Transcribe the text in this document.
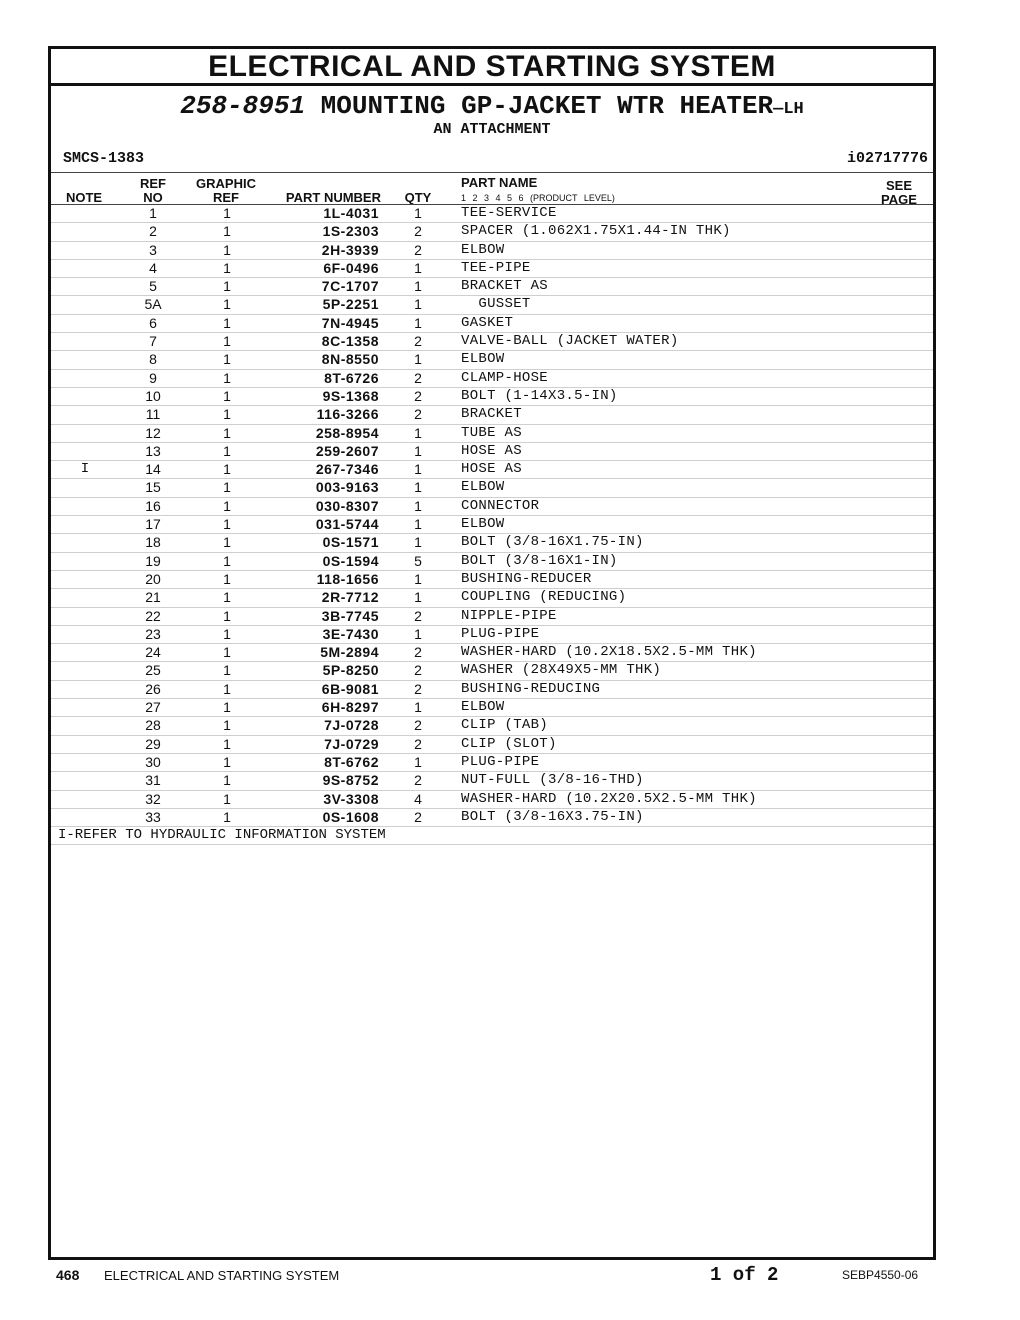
ELECTRICAL AND STARTING SYSTEM
258-8951 MOUNTING GP-JACKET WTR HEATER—LH
AN ATTACHMENT
SMCS-1383	i02717776
NOTE
REF
NO
GRAPHIC
REF	PART NUMBER	QTY
PART NAME
1 2 3 4 5 6 (PRODUCT LEVEL)
SEE
PAGE
1	1	1L-4031	1	TEE-SERVICE
2	1	1S-2303	2	SPACER (1.062X1.75X1.44-IN THK)
3	1	2H-3939	2	ELBOW
4	1	6F-0496	1	TEE-PIPE
5	1	7C-1707	1	BRACKET AS
5A	1	5P-2251	1	GUSSET
6	1	7N-4945	1	GASKET
7	1	8C-1358	2	VALVE-BALL (JACKET WATER)
8	1	8N-8550	1	ELBOW
9	1	8T-6726	2	CLAMP-HOSE
10	1	9S-1368	2	BOLT (1-14X3.5-IN)
11	1	116-3266	2	BRACKET
12	1	258-8954	1	TUBE AS
13	1	259-2607	1	HOSE AS
I	14	1	267-7346	1	HOSE AS
15	1	003-9163	1	ELBOW
16	1	030-8307	1	CONNECTOR
17	1	031-5744	1	ELBOW
18	1	0S-1571	1	BOLT (3/8-16X1.75-IN)
19	1	0S-1594	5	BOLT (3/8-16X1-IN)
20	1	118-1656	1	BUSHING-REDUCER
21	1	2R-7712	1	COUPLING (REDUCING)
22	1	3B-7745	2	NIPPLE-PIPE
23	1	3E-7430	1	PLUG-PIPE
24	1	5M-2894	2	WASHER-HARD (10.2X18.5X2.5-MM THK)
25	1	5P-8250	2	WASHER (28X49X5-MM THK)
26	1	6B-9081	2	BUSHING-REDUCING
27	1	6H-8297	1	ELBOW
28	1	7J-0728	2	CLIP (TAB)
29	1	7J-0729	2	CLIP (SLOT)
30	1	8T-6762	1	PLUG-PIPE
31	1	9S-8752	2	NUT-FULL (3/8-16-THD)
32	1	3V-3308	4	WASHER-HARD (10.2X20.5X2.5-MM THK)
33	1	0S-1608	2	BOLT (3/8-16X3.75-IN)
I-REFER TO HYDRAULIC INFORMATION SYSTEM
468 ELECTRICAL AND STARTING SYSTEM	1 of 2	SEBP4550-06
